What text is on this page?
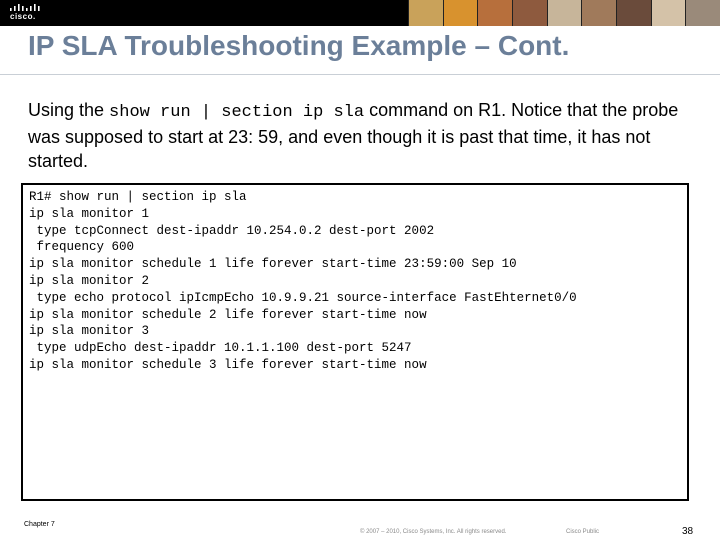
cisco.
IP SLA Troubleshooting Example – Cont.

Using the show run | section ip sla command on R1. Notice that the probe was supposed to start at 23: 59, and even though it is past that time, it has not started.

R1# show run | section ip sla
ip sla monitor 1
type tcpConnect dest-ipaddr 10.254.0.2 dest-port 2002
frequency 600
ip sla monitor schedule 1 life forever start-time 23:59:00 Sep 10
ip sla monitor 2
type echo protocol ipIcmpEcho 10.9.9.21 source-interface FastEhternet0/0
ip sla monitor schedule 2 life forever start-time now
ip sla monitor 3
type udpEcho dest-ipaddr 10.1.1.100 dest-port 5247
ip sla monitor schedule 3 life forever start-time now
Chapter 7
© 2007 – 2010, Cisco Systems, Inc. All rights reserved.	Cisco Public	38
